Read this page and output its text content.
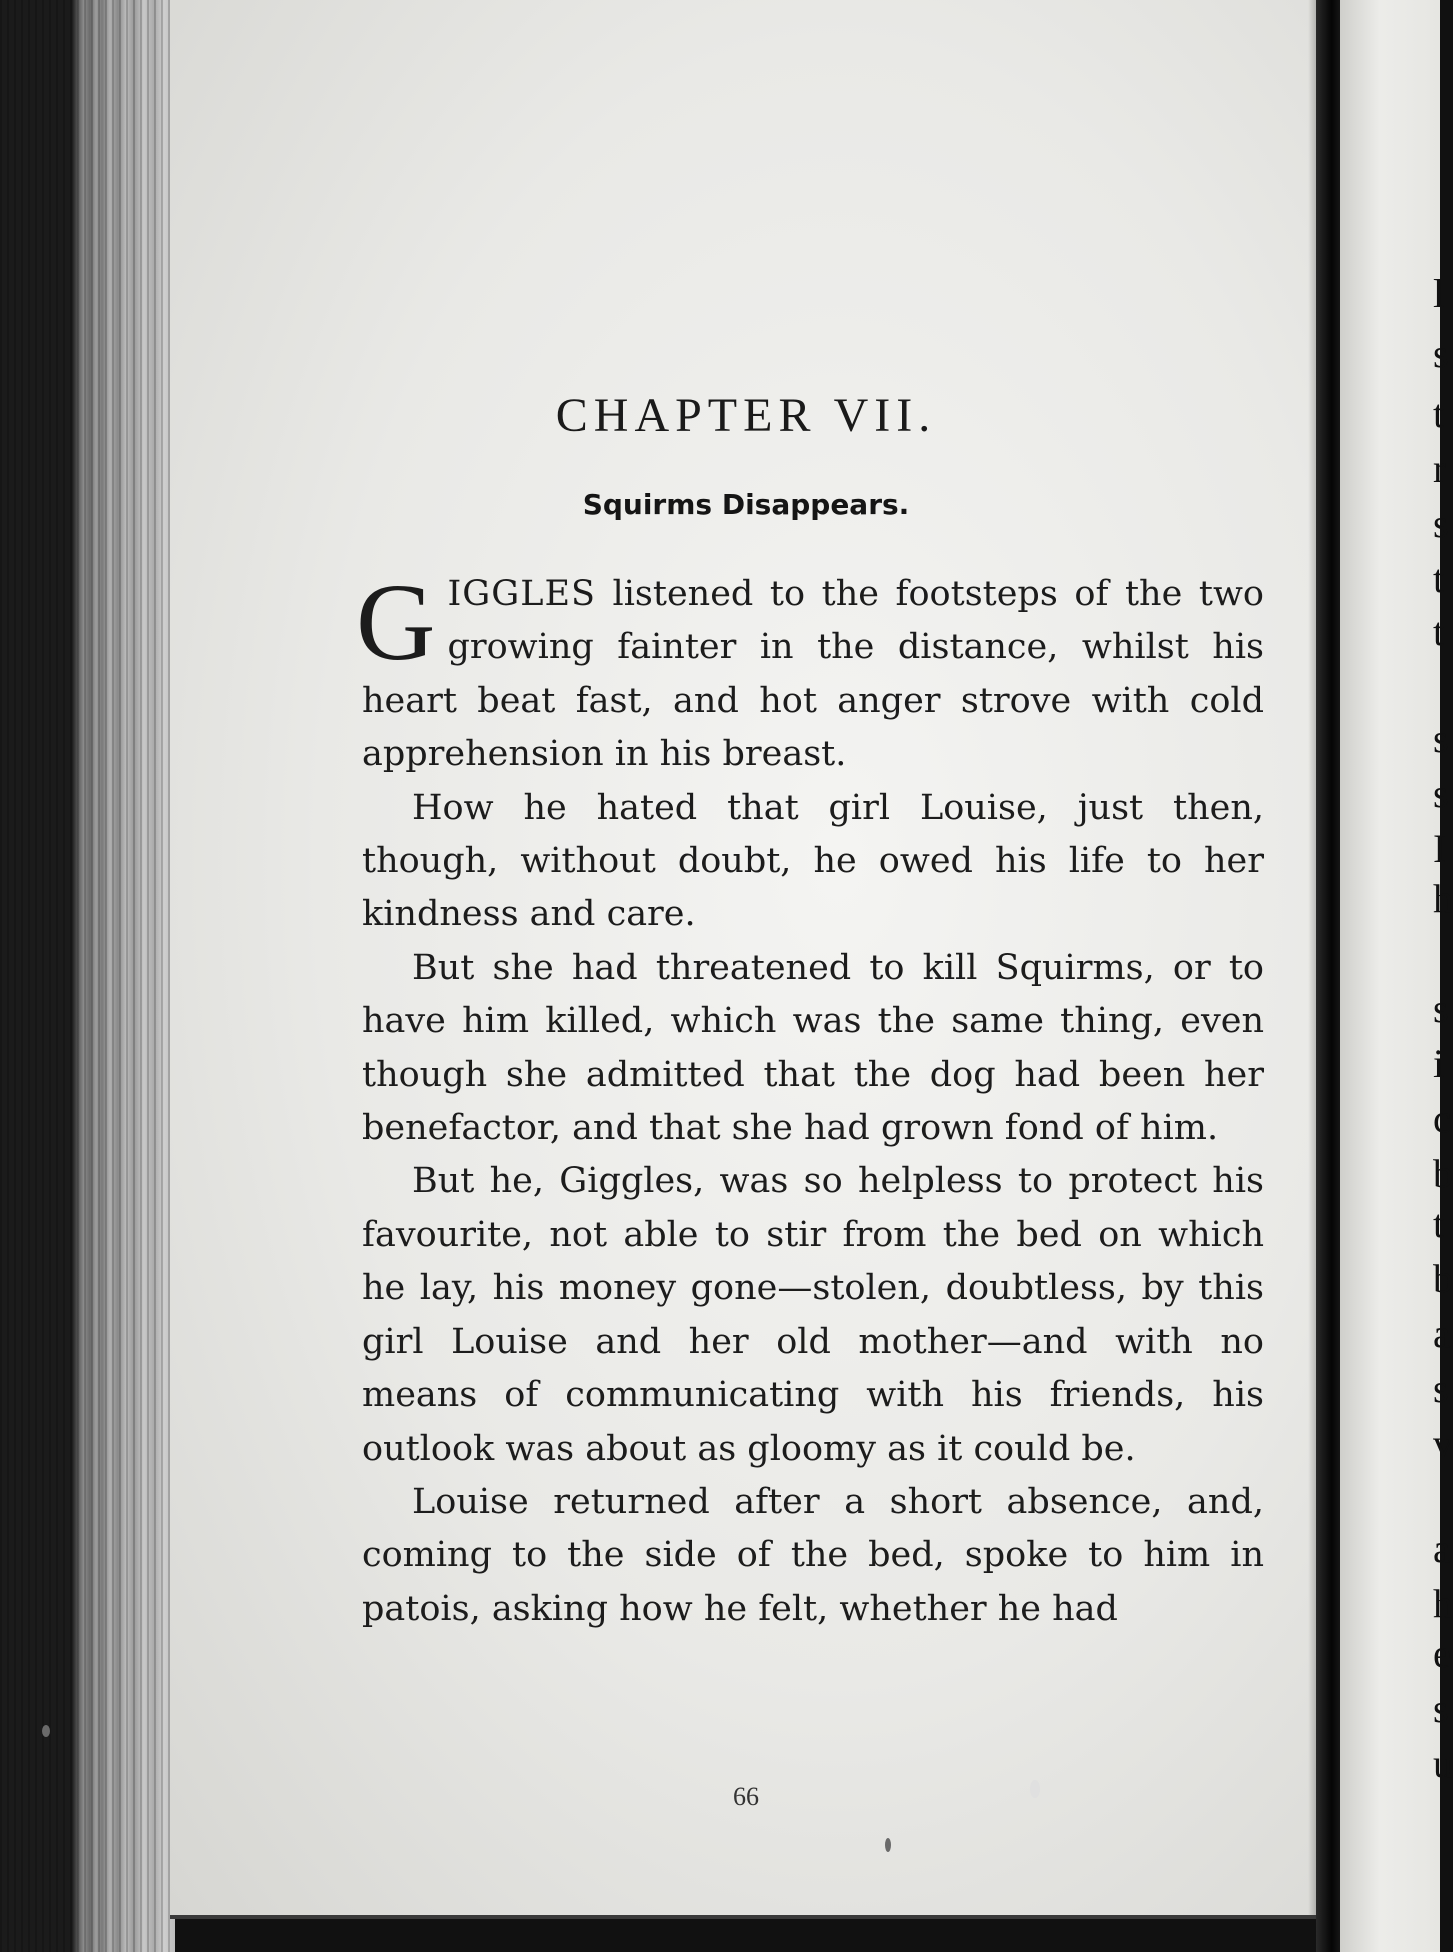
l
s
t
r
s
t
t
s
s
I
h
s
i
c
b
t
b
a
s
v
a
h
e
s
u
CHAPTER VII.
Squirms Disappears.

GIGGLES listened to the footsteps of the two growing fainter in the distance, whilst his heart beat fast, and hot anger strove with cold apprehension in his breast.

How he hated that girl Louise, just then, though, without doubt, he owed his life to her kindness and care.

But she had threatened to kill Squirms, or to have him killed, which was the same thing, even though she admitted that the dog had been her benefactor, and that she had grown fond of him.

But he, Giggles, was so helpless to protect his favourite, not able to stir from the bed on which he lay, his money gone—stolen, doubtless, by this girl Louise and her old mother—and with no means of communicating with his friends, his outlook was about as gloomy as it could be.

Louise returned after a short absence, and, coming to the side of the bed, spoke to him in patois, asking how he felt, whether he had

66
